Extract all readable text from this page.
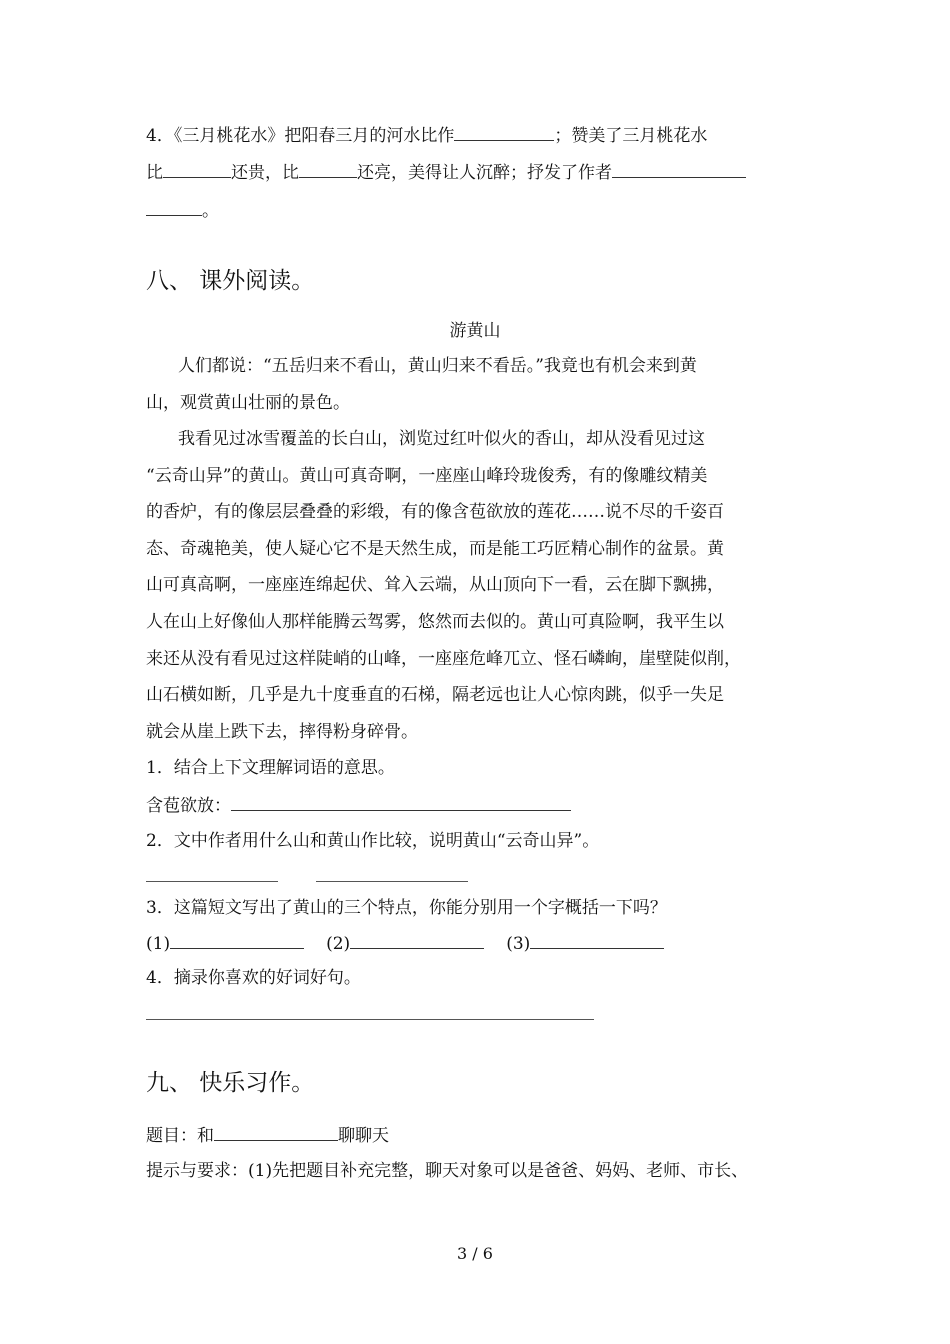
4．《三月桃花水》把阳春三月的河水比作	；赞美了三月桃花水
比	还贵，比	还亮，美得让人沉醉；抒发了作者
。
八、 课外阅读。
游黄山
人们都说：“五岳归来不看山，黄山归来不看岳。”我竟也有机会来到黄
山，观赏黄山壮丽的景色。
我看见过冰雪覆盖的长白山，浏览过红叶似火的香山，却从没看见过这
“云奇山异”的黄山。黄山可真奇啊，一座座山峰玲珑俊秀，有的像雕纹精美
的香炉，有的像层层叠叠的彩缎，有的像含苞欲放的莲花……说不尽的千姿百
态、奇魂艳美，使人疑心它不是天然生成，而是能工巧匠精心制作的盆景。黄
山可真高啊，一座座连绵起伏、耸入云端，从山顶向下一看，云在脚下飘拂，
人在山上好像仙人那样能腾云驾雾，悠然而去似的。黄山可真险啊，我平生以
来还从没有看见过这样陡峭的山峰，一座座危峰兀立、怪石嶙峋，崖壁陡似削，
山石横如断，几乎是九十度垂直的石梯，隔老远也让人心惊肉跳，似乎一失足
就会从崖上跌下去，摔得粉身碎骨。
1．结合上下文理解词语的意思。
含苞欲放：
2．文中作者用什么山和黄山作比较，说明黄山“云奇山异”。
3．这篇短文写出了黄山的三个特点，你能分别用一个字概括一下吗？
(1)	(2)	(3)
4．摘录你喜欢的好词好句。
九、 快乐习作。
题目：和	聊聊天
提示与要求：(1)先把题目补充完整，聊天对象可以是爸爸、妈妈、老师、市长、
3 / 6
